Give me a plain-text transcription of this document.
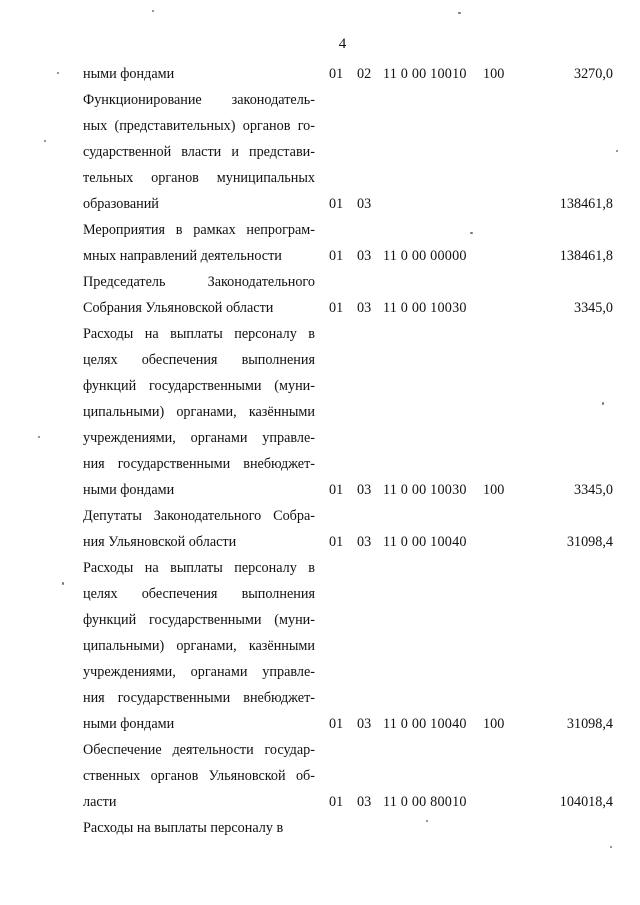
4
ными фондами	01 02 11 0 00 10010	100	3270,0
Функционирование законодатель-
ных (представительных) органов го-
сударственной власти и представи-
тельных органов муниципальных
образований	01 03	138461,8
Мероприятия в рамках непрограм-
мных направлений деятельности	01 03 11 0 00 00000	138461,8
Председатель Законодательного
Собрания Ульяновской области	01 03 11 0 00 10030	3345,0
Расходы на выплаты персоналу в
целях обеспечения выполнения
функций государственными (муни-
ципальными) органами, казёнными
учреждениями, органами управле-
ния государственными внебюджет-
ными фондами	01 03 11 0 00 10030	100	3345,0
Депутаты Законодательного Собра-
ния Ульяновской области	01 03 11 0 00 10040	31098,4
Расходы на выплаты персоналу в
целях обеспечения выполнения
функций государственными (муни-
ципальными) органами, казёнными
учреждениями, органами управле-
ния государственными внебюджет-
ными фондами	01 03 11 0 00 10040	100	31098,4
Обеспечение деятельности государ-
ственных органов Ульяновской об-
ласти	01 03 11 0 00 80010	104018,4
Расходы на выплаты персоналу в
